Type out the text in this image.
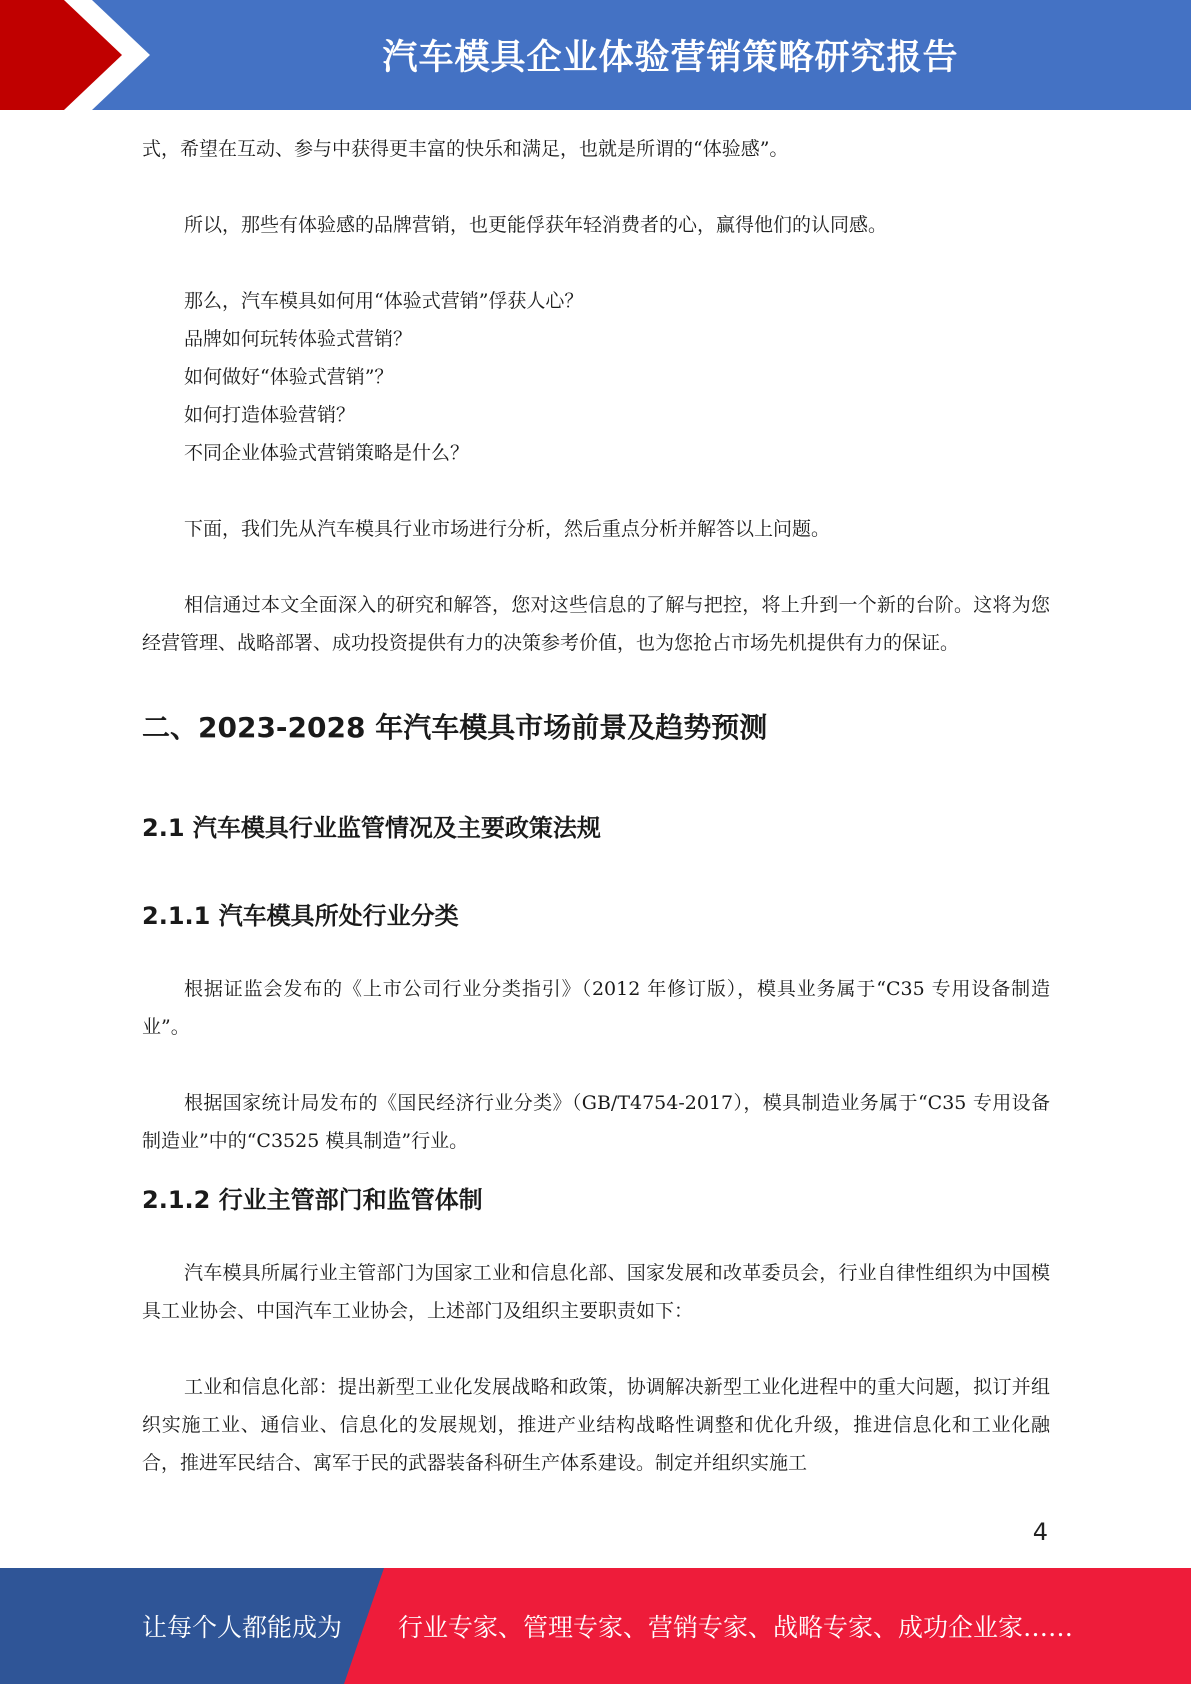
汽车模具企业体验营销策略研究报告

式，希望在互动、参与中获得更丰富的快乐和满足，也就是所谓的“体验感”。

所以，那些有体验感的品牌营销，也更能俘获年轻消费者的心，赢得他们的认同感。

那么，汽车模具如何用“体验式营销”俘获人心？
品牌如何玩转体验式营销？
如何做好“体验式营销”？
如何打造体验营销？
不同企业体验式营销策略是什么？

下面，我们先从汽车模具行业市场进行分析，然后重点分析并解答以上问题。

相信通过本文全面深入的研究和解答，您对这些信息的了解与把控，将上升到一个新的台阶。这将为您经营管理、战略部署、成功投资提供有力的决策参考价值，也为您抢占市场先机提供有力的保证。

二、2023-2028 年汽车模具市场前景及趋势预测
2.1 汽车模具行业监管情况及主要政策法规
2.1.1 汽车模具所处行业分类

根据证监会发布的《上市公司行业分类指引》（2012 年修订版），模具业务属于“C35 专用设备制造业”。

根据国家统计局发布的《国民经济行业分类》（GB/T4754-2017），模具制造业务属于“C35 专用设备制造业”中的“C3525 模具制造”行业。

2.1.2 行业主管部门和监管体制

汽车模具所属行业主管部门为国家工业和信息化部、国家发展和改革委员会，行业自律性组织为中国模具工业协会、中国汽车工业协会，上述部门及组织主要职责如下：

工业和信息化部：提出新型工业化发展战略和政策，协调解决新型工业化进程中的重大问题，拟订并组织实施工业、通信业、信息化的发展规划，推进产业结构战略性调整和优化升级，推进信息化和工业化融合，推进军民结合、寓军于民的武器装备科研生产体系建设。制定并组织实施工

4
让每个人都能成为 行业专家、管理专家、营销专家、战略专家、成功企业家……
